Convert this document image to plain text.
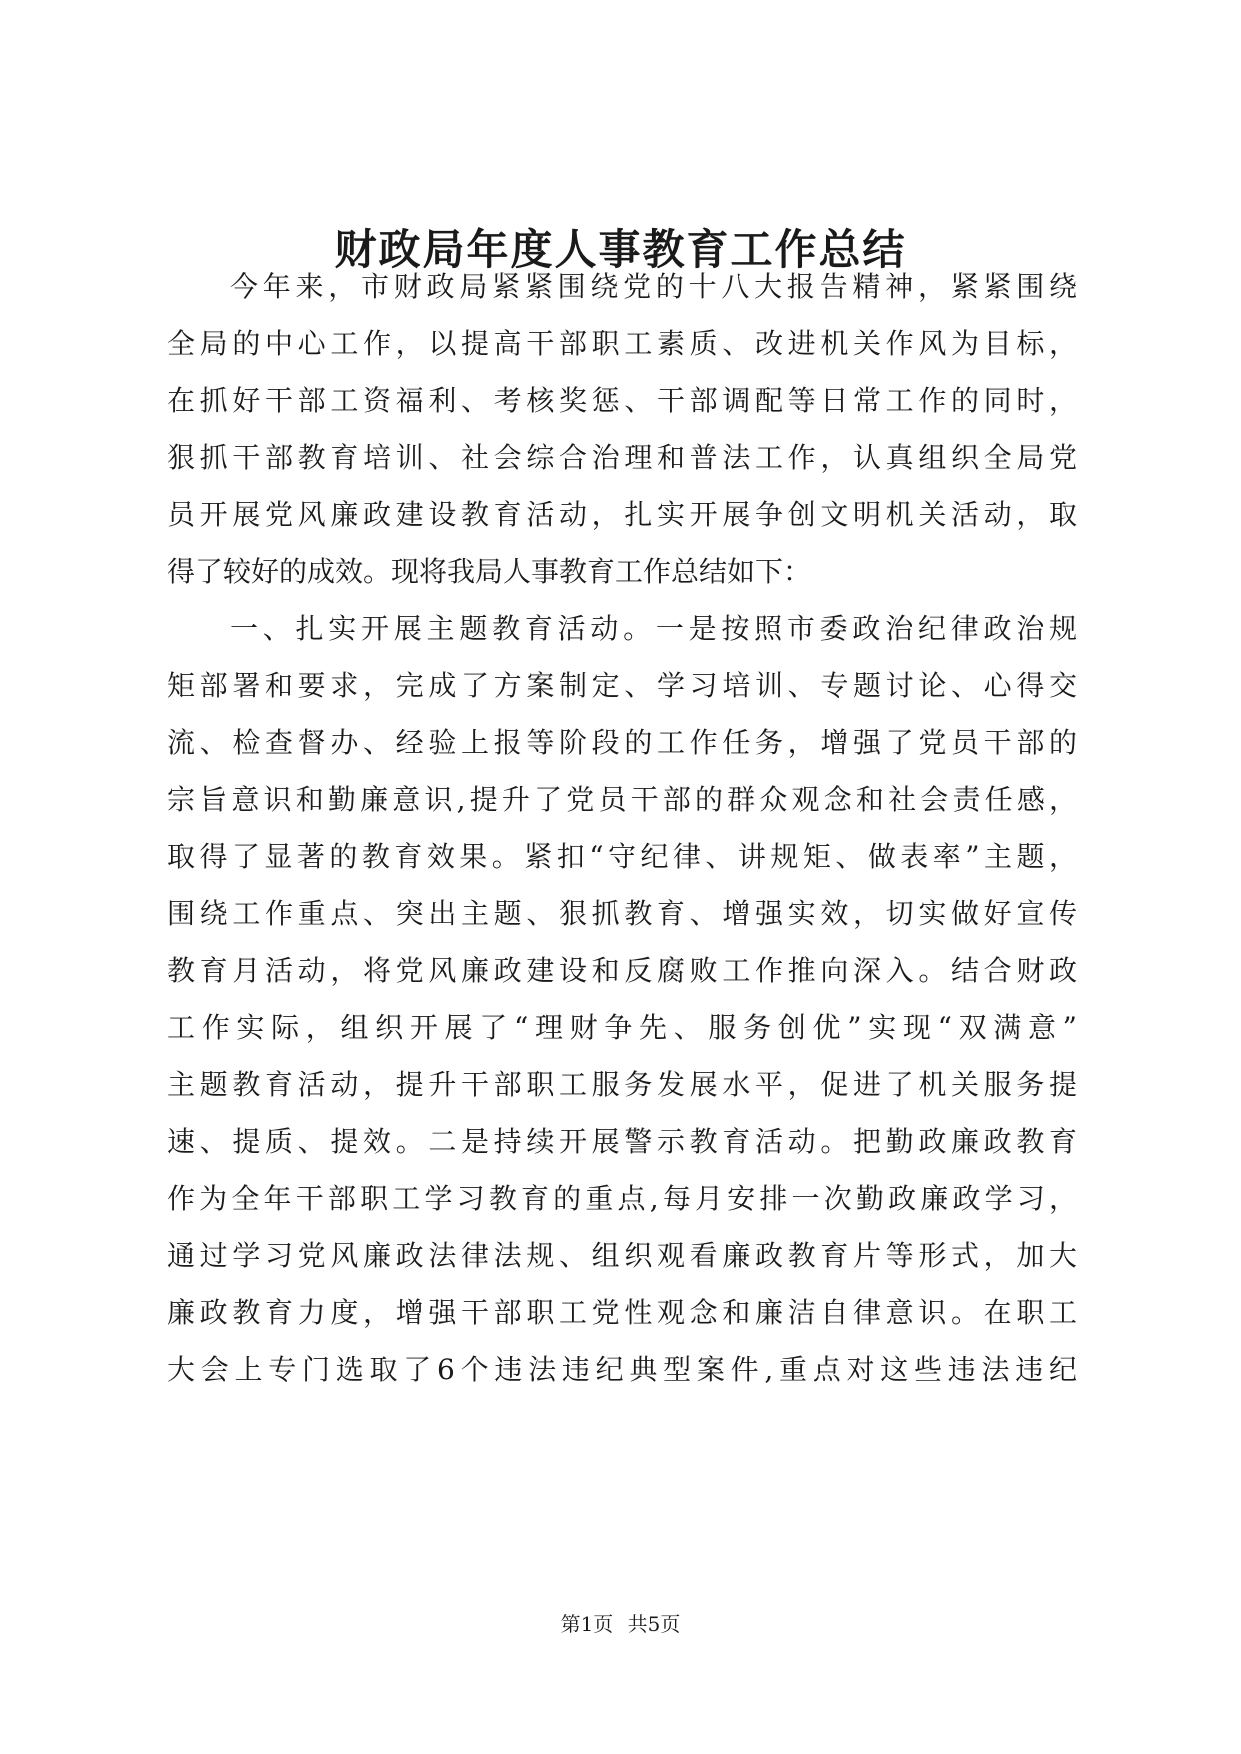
财政局年度人事教育工作总结
今年来，市财政局紧紧围绕党的十八大报告精神，紧紧围绕
全局的中心工作，以提高干部职工素质、改进机关作风为目标，
在抓好干部工资福利、考核奖惩、干部调配等日常工作的同时，
狠抓干部教育培训、社会综合治理和普法工作，认真组织全局党
员开展党风廉政建设教育活动，扎实开展争创文明机关活动，取
得了较好的成效。现将我局人事教育工作总结如下：
一、扎实开展主题教育活动。一是按照市委政治纪律政治规
矩部署和要求，完成了方案制定、学习培训、专题讨论、心得交
流、检查督办、经验上报等阶段的工作任务，增强了党员干部的
宗旨意识和勤廉意识,提升了党员干部的群众观念和社会责任感，
取得了显著的教育效果。紧扣“守纪律、讲规矩、做表率”主题，
围绕工作重点、突出主题、狠抓教育、增强实效，切实做好宣传
教育月活动，将党风廉政建设和反腐败工作推向深入。结合财政
工作实际，组织开展了“理财争先、服务创优”实现“双满意”
主题教育活动，提升干部职工服务发展水平，促进了机关服务提
速、提质、提效。二是持续开展警示教育活动。把勤政廉政教育
作为全年干部职工学习教育的重点,每月安排一次勤政廉政学习，
通过学习党风廉政法律法规、组织观看廉政教育片等形式，加大
廉政教育力度，增强干部职工党性观念和廉洁自律意识。在职工
大会上专门选取了6个违法违纪典型案件,重点对这些违法违纪
第1页 共5页
